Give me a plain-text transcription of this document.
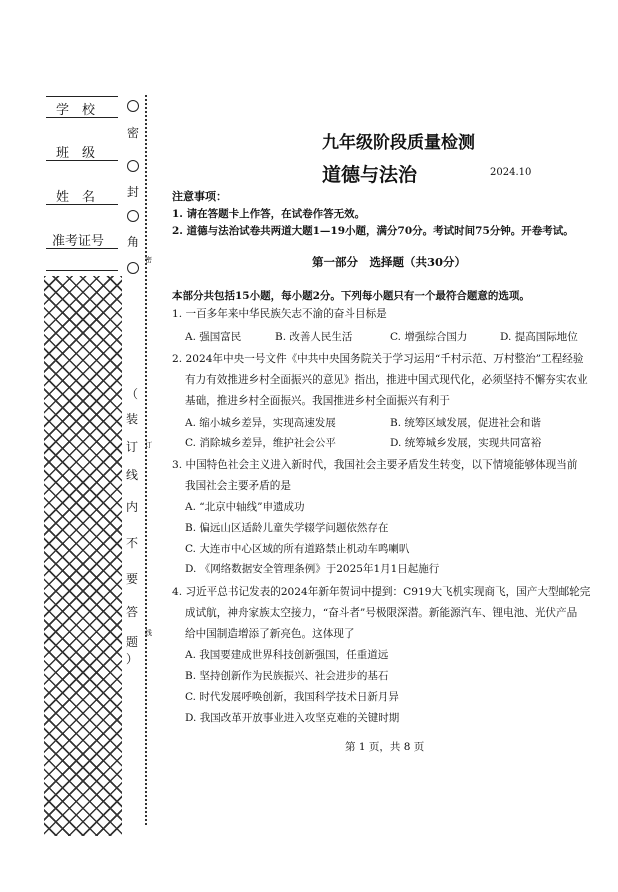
学　校
班　级
姓　名
准考证号
密
封
角
（
装
订
线
内
不
要
答
题
）
密
订
线
九年级阶段质量检测
道德与法治	2024.10
注意事项：
1. 请在答题卡上作答，在试卷作答无效。
2. 道德与法治试卷共两道大题1—19小题，满分70分。考试时间75分钟。开卷考试。
第一部分　选择题（共30分）
本部分共包括15小题，每小题2分。下列每小题只有一个最符合题意的选项。
1. 一百多年来中华民族矢志不渝的奋斗目标是
A. 强国富民	B. 改善人民生活	C. 增强综合国力	D. 提高国际地位
2. 2024年中央一号文件《中共中央国务院关于学习运用“千村示范、万村整治”工程经验
有力有效推进乡村全面振兴的意见》指出，推进中国式现代化，必须坚持不懈夯实农业
基础，推进乡村全面振兴。我国推进乡村全面振兴有利于
A. 缩小城乡差异，实现高速发展	B. 统筹区域发展，促进社会和谐
C. 消除城乡差异，维护社会公平	D. 统筹城乡发展，实现共同富裕
3. 中国特色社会主义进入新时代，我国社会主要矛盾发生转变，以下情境能够体现当前
我国社会主要矛盾的是
A. “北京中轴线”申遗成功
B. 偏远山区适龄儿童失学辍学问题依然存在
C. 大连市中心区域的所有道路禁止机动车鸣喇叭
D. 《网络数据安全管理条例》于2025年1月1日起施行
4. 习近平总书记发表的2024年新年贺词中提到：C919大飞机实现商飞，国产大型邮轮完
成试航，神舟家族太空接力，“奋斗者”号极限深潜。新能源汽车、锂电池、光伏产品
给中国制造增添了新亮色。这体现了
A. 我国要建成世界科技创新强国，任重道远
B. 坚持创新作为民族振兴、社会进步的基石
C. 时代发展呼唤创新，我国科学技术日新月异
D. 我国改革开放事业进入攻坚克难的关键时期
第 1 页，共 8 页
